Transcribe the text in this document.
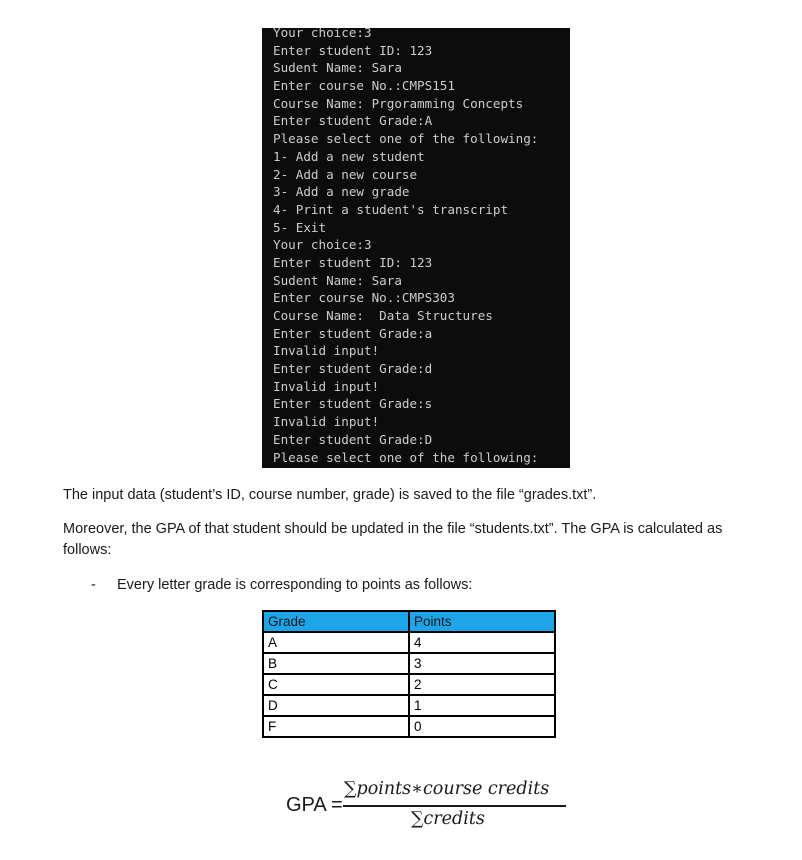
Your choice:3
Enter student ID: 123
Sudent Name: Sara
Enter course No.:CMPS151
Course Name: Prgoramming Concepts
Enter student Grade:A
Please select one of the following:
1- Add a new student
2- Add a new course
3- Add a new grade
4- Print a student's transcript
5- Exit
Your choice:3
Enter student ID: 123
Sudent Name: Sara
Enter course No.:CMPS303
Course Name:  Data Structures
Enter student Grade:a
Invalid input!
Enter student Grade:d
Invalid input!
Enter student Grade:s
Invalid input!
Enter student Grade:D
Please select one of the following:
The input data (student’s ID, course number, grade) is saved to the file “grades.txt”.
Moreover, the GPA of that student should be updated in the file “students.txt”. The GPA is calculated as follows:
- Every letter grade is corresponding to points as follows:
Grade	Points
A	4
B	3
C	2
D	1
F	0
GPA =
∑points∗course credits
∑credits
